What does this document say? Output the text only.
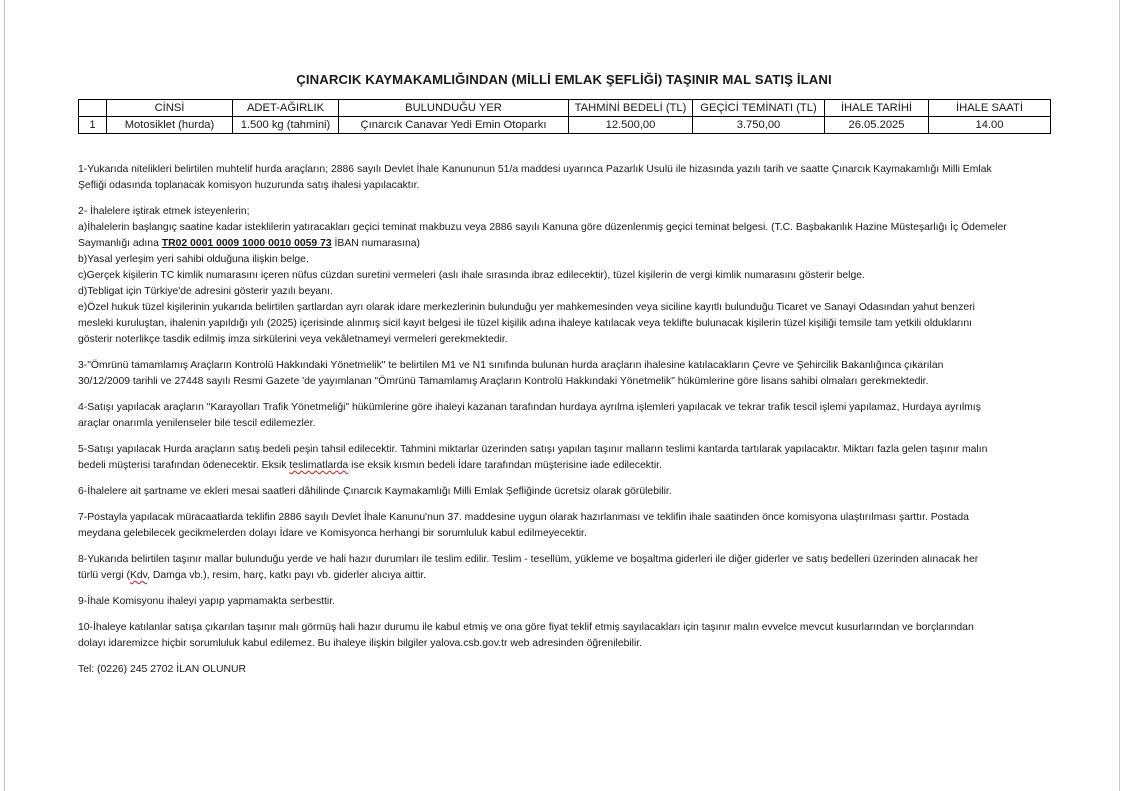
ÇINARCIK KAYMAKAMLIĞINDAN (MİLLİ EMLAK ŞEFLİĞİ) TAŞINIR MAL SATIŞ İLANI
	CİNSİ	ADET-AĞIRLIK	BULUNDUĞU YER	TAHMİNİ BEDELİ (TL)	GEÇİCİ TEMİNATI (TL)	İHALE TARİHİ	İHALE SAATİ
1	Motosiklet (hurda)	1.500 kg (tahmini)	Çınarcık Canavar Yedi Emin Otoparkı	12.500,00	3.750,00	26.05.2025	14.00
1-Yukarıda nitelikleri belirtilen muhtelif hurda araçların; 2886 sayılı Devlet İhale Kanununun 51/a maddesi uyarınca Pazarlık Usulü ile hizasında yazılı tarih ve saatte Çınarcık Kaymakamlığı Milli Emlak
Şefliği odasında toplanacak komisyon huzurunda satış ihalesi yapılacaktır.
2- İhalelere iştirak etmek isteyenlerin;
a)İhalelerin başlangıç saatine kadar isteklilerin yatıracakları geçici teminat makbuzu veya 2886 sayılı Kanuna göre düzenlenmiş geçici teminat belgesi. (T.C. Başbakanlık Hazine Müsteşarlığı İç Ödemeler
Saymanlığı adına TR02 0001 0009 1000 0010 0059 73 İBAN numarasına)
b)Yasal yerleşim yeri sahibi olduğuna ilişkin belge.
c)Gerçek kişilerin TC kimlik numarasını içeren nüfus cüzdan suretini vermeleri (aslı ihale sırasında ibraz edilecektir), tüzel kişilerin de vergi kimlik numarasını gösterir belge.
d)Tebligat için Türkiye'de adresini gösterir yazılı beyanı.
e)Özel hukuk tüzel kişilerinin yukarıda belirtilen şartlardan ayrı olarak idare merkezlerinin bulunduğu yer mahkemesinden veya siciline kayıtlı bulunduğu Ticaret ve Sanayi Odasından yahut benzeri
mesleki kuruluştan, ihalenin yapıldığı yılı (2025) içerisinde alınmış sicil kayıt belgesi ile tüzel kişilik adına ihaleye katılacak veya teklifte bulunacak kişilerin tüzel kişiliği temsile tam yetkili olduklarını
gösterir noterlikçe tasdik edilmiş imza sirkülerini veya vekâletnameyi vermeleri gerekmektedir.
3-"Ömrünü tamamlamış Araçların Kontrolü Hakkındaki Yönetmelik" te belirtilen M1 ve N1 sınıfında bulunan hurda araçların ihalesine katılacakların Çevre ve Şehircilik Bakanlığınca çıkarılan
30/12/2009 tarihli ve 27448 sayılı Resmi Gazete 'de yayımlanan "Ömrünü Tamamlamış Araçların Kontrolü Hakkındaki Yönetmelik" hükümlerine göre lisans sahibi olmaları gerekmektedir.
4-Satışı yapılacak araçların "Karayolları Trafik Yönetmeliği" hükümlerine göre ihaleyi kazanan tarafından hurdaya ayrılma işlemleri yapılacak ve tekrar trafik tescil işlemi yapılamaz, Hurdaya ayrılmış
araçlar onarımla yenilenseler bile tescil edilemezler.
5-Satışı yapılacak Hurda araçların satış bedeli peşin tahsil edilecektir. Tahmini miktarlar üzerinden satışı yapılan taşınır malların teslimi kantarda tartılarak yapılacaktır. Miktarı fazla gelen taşınır malın
bedeli müşterisi tarafından ödenecektir. Eksik teslimatlarda ise eksik kısmın bedeli İdare tarafından müşterisine iade edilecektir.
6-İhalelere ait şartname ve ekleri mesai saatleri dâhilinde Çınarcık Kaymakamlığı Milli Emlak Şefliğinde ücretsiz olarak görülebilir.
7-Postayla yapılacak müracaatlarda teklifin 2886 sayılı Devlet İhale Kanunu'nun 37. maddesine uygun olarak hazırlanması ve teklifin ihale saatinden önce komisyona ulaştırılması şarttır. Postada
meydana gelebilecek gecikmelerden dolayı İdare ve Komisyonca herhangi bir sorumluluk kabul edilmeyecektir.
8-Yukarıda belirtilen taşınır mallar bulunduğu yerde ve hali hazır durumları ile teslim edilir. Teslim - tesellüm, yükleme ve boşaltma giderleri ile diğer giderler ve satış bedelleri üzerinden alınacak her
türlü vergi (Kdv, Damga vb.), resim, harç, katkı payı vb. giderler alıcıya aittir.
9-İhale Komisyonu ihaleyi yapıp yapmamakta serbesttir.
10-İhaleye katılanlar satışa çıkarılan taşınır malı görmüş hali hazır durumu ile kabul etmiş ve ona göre fiyat teklif etmiş sayılacakları için taşınır malın evvelce mevcut kusurlarından ve borçlarından
dolayı idaremizce hiçbir sorumluluk kabul edilemez. Bu ihaleye ilişkin bilgiler yalova.csb.gov.tr web adresinden öğrenilebilir.
Tel: (0226) 245 2702 İLAN OLUNUR
